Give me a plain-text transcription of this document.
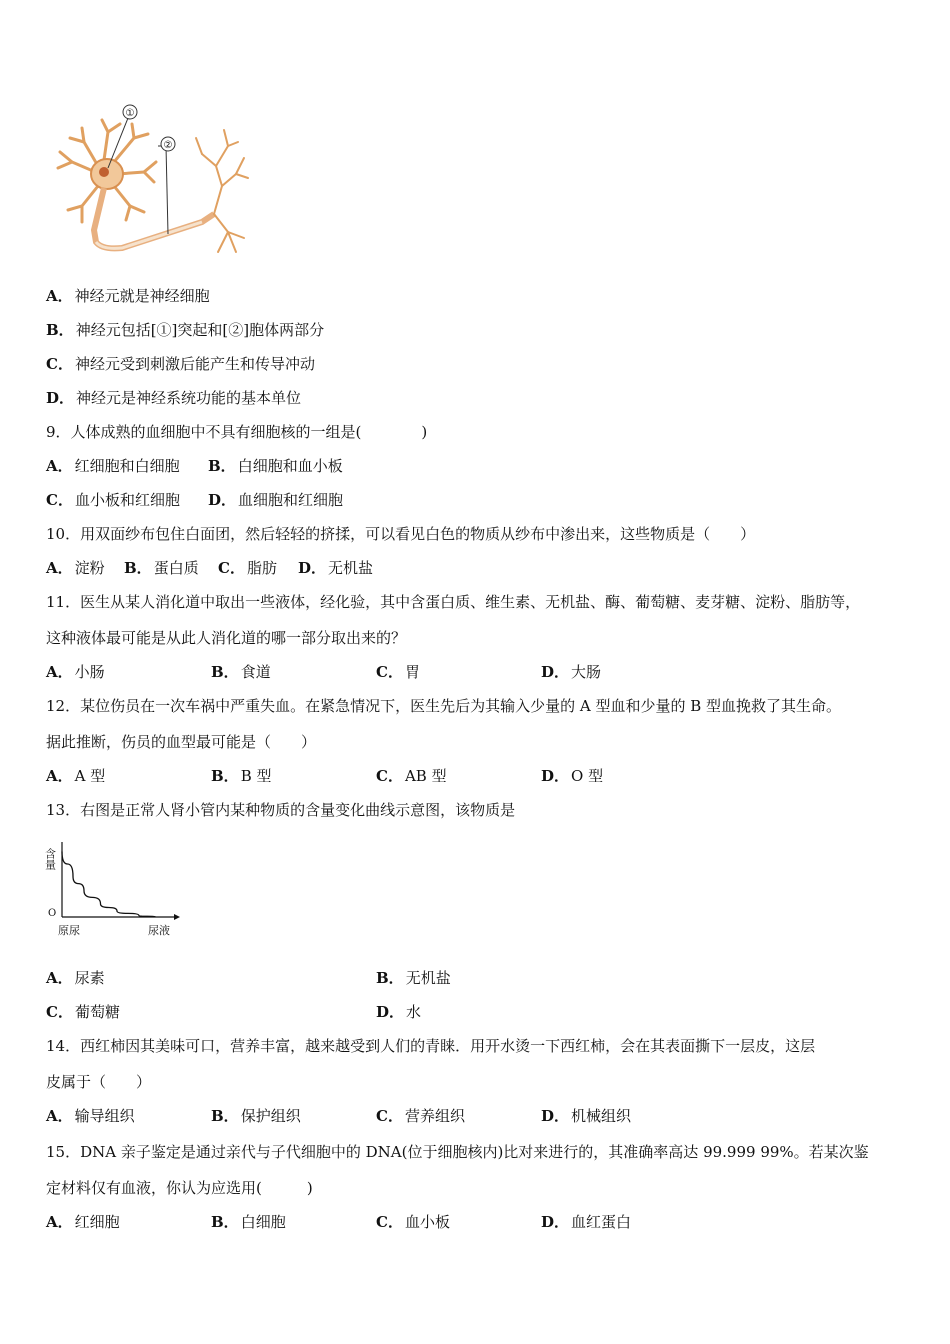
①
②
A． 神经元就是神经细胞
B． 神经元包括[①]突起和[②]胞体两部分
C． 神经元受到刺激后能产生和传导冲动
D． 神经元是神经系统功能的基本单位
9．人体成熟的血细胞中不具有细胞核的一组是(　　　　)
A． 红细胞和白细胞 B． 白细胞和血小板
C． 血小板和红细胞 D． 血细胞和红细胞
10．用双面纱布包住白面团，然后轻轻的挤揉，可以看见白色的物质从纱布中渗出来，这些物质是（　　）
A． 淀粉 B． 蛋白质 C． 脂肪 D． 无机盐
11．医生从某人消化道中取出一些液体，经化验，其中含蛋白质、维生素、无机盐、酶、葡萄糖、麦芽糖、淀粉、脂肪等，
这种液体最可能是从此人消化道的哪一部分取出来的？
A． 小肠	B． 食道	C． 胃	D． 大肠
12．某位伤员在一次车祸中严重失血。在紧急情况下，医生先后为其输入少量的 A 型血和少量的 B 型血挽救了其生命。
据此推断，伤员的血型最可能是（　　）
A． A 型	B． B 型	C． AB 型	D． O 型
13．右图是正常人肾小管内某种物质的含量变化曲线示意图，该物质是
含量
O
原尿	尿液
A． 尿素	B． 无机盐
C． 葡萄糖	D． 水
14．西红柿因其美味可口，营养丰富，越来越受到人们的青睐．用开水烫一下西红柿，会在其表面撕下一层皮，这层
皮属于（　　）
A． 输导组织	B． 保护组织	C． 营养组织	D． 机械组织
15．DNA 亲子鉴定是通过亲代与子代细胞中的 DNA(位于细胞核内)比对来进行的，其准确率高达 99.999 99%。若某次鉴
定材料仅有血液，你认为应选用(　　　)
A． 红细胞	B． 白细胞	C． 血小板	D． 血红蛋白
